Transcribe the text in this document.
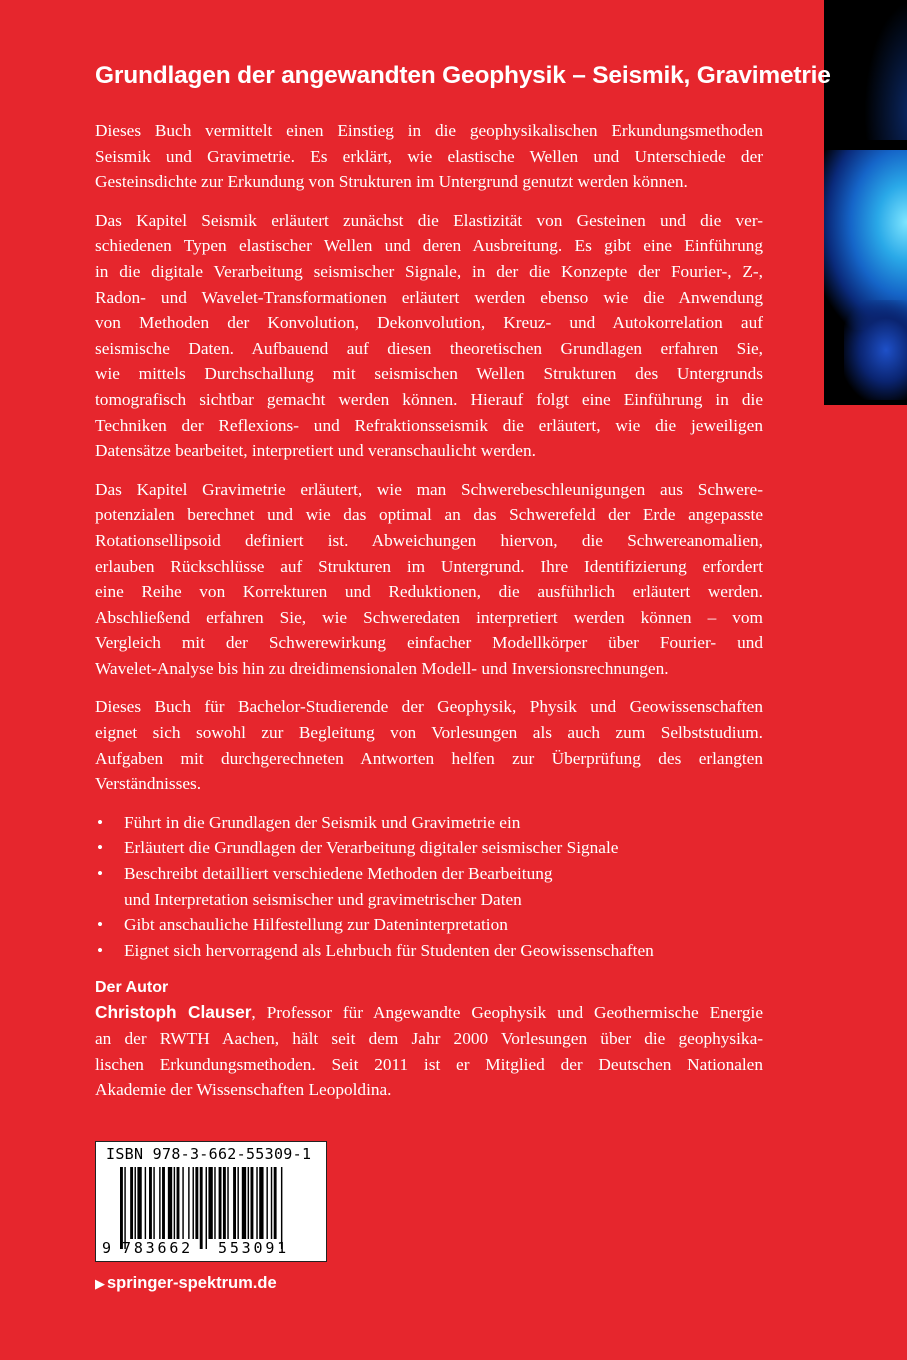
Grundlagen der angewandten Geophysik – Seismik, Gravimetrie

Dieses Buch vermittelt einen Einstieg in die geophysikalischen Erkundungsmethoden
Seismik und Gravimetrie. Es erklärt, wie elastische Wellen und Unterschiede der
Gesteinsdichte zur Erkundung von Strukturen im Untergrund genutzt werden können.

Das Kapitel Seismik erläutert zunächst die Elastizität von Gesteinen und die ver-
schiedenen Typen elastischer Wellen und deren Ausbreitung. Es gibt eine Einführung
in die digitale Verarbeitung seismischer Signale, in der die Konzepte der Fourier-, Z-,
Radon- und Wavelet-Transformationen erläutert werden ebenso wie die Anwendung
von Methoden der Konvolution, Dekonvolution, Kreuz- und Autokorrelation auf
seismische Daten. Aufbauend auf diesen theoretischen Grundlagen erfahren Sie,
wie mittels Durchschallung mit seismischen Wellen Strukturen des Untergrunds
tomografisch sichtbar gemacht werden können. Hierauf folgt eine Einführung in die
Techniken der Reflexions- und Refraktionsseismik die erläutert, wie die jeweiligen
Datensätze bearbeitet, interpretiert und veranschaulicht werden.

Das Kapitel Gravimetrie erläutert, wie man Schwerebeschleunigungen aus Schwere-
potenzialen berechnet und wie das optimal an das Schwerefeld der Erde angepasste
Rotationsellipsoid definiert ist. Abweichungen hiervon, die Schwereanomalien,
erlauben Rückschlüsse auf Strukturen im Untergrund. Ihre Identifizierung erfordert
eine Reihe von Korrekturen und Reduktionen, die ausführlich erläutert werden.
Abschließend erfahren Sie, wie Schweredaten interpretiert werden können – vom
Vergleich mit der Schwerewirkung einfacher Modellkörper über Fourier- und
Wavelet-Analyse bis hin zu dreidimensionalen Modell- und Inversionsrechnungen.

Dieses Buch für Bachelor-Studierende der Geophysik, Physik und Geowissenschaften
eignet sich sowohl zur Begleitung von Vorlesungen als auch zum Selbststudium.
Aufgaben mit durchgerechneten Antworten helfen zur Überprüfung des erlangten
Verständnisses.

• Führt in die Grundlagen der Seismik und Gravimetrie ein
• Erläutert die Grundlagen der Verarbeitung digitaler seismischer Signale
• Beschreibt detailliert verschiedene Methoden der Bearbeitung
und Interpretation seismischer und gravimetrischer Daten
• Gibt anschauliche Hilfestellung zur Dateninterpretation
• Eignet sich hervorragend als Lehrbuch für Studenten der Geowissenschaften
Der Autor
Christoph Clauser, Professor für Angewandte Geophysik und Geothermische Energie
an der RWTH Aachen, hält seit dem Jahr 2000 Vorlesungen über die geophysika-
lischen Erkundungsmethoden. Seit 2011 ist er Mitglied der Deutschen Nationalen
Akademie der Wissenschaften Leopoldina.
ISBN 978-3-662-55309-1
9 783662 553091
▶ springer-spektrum.de
